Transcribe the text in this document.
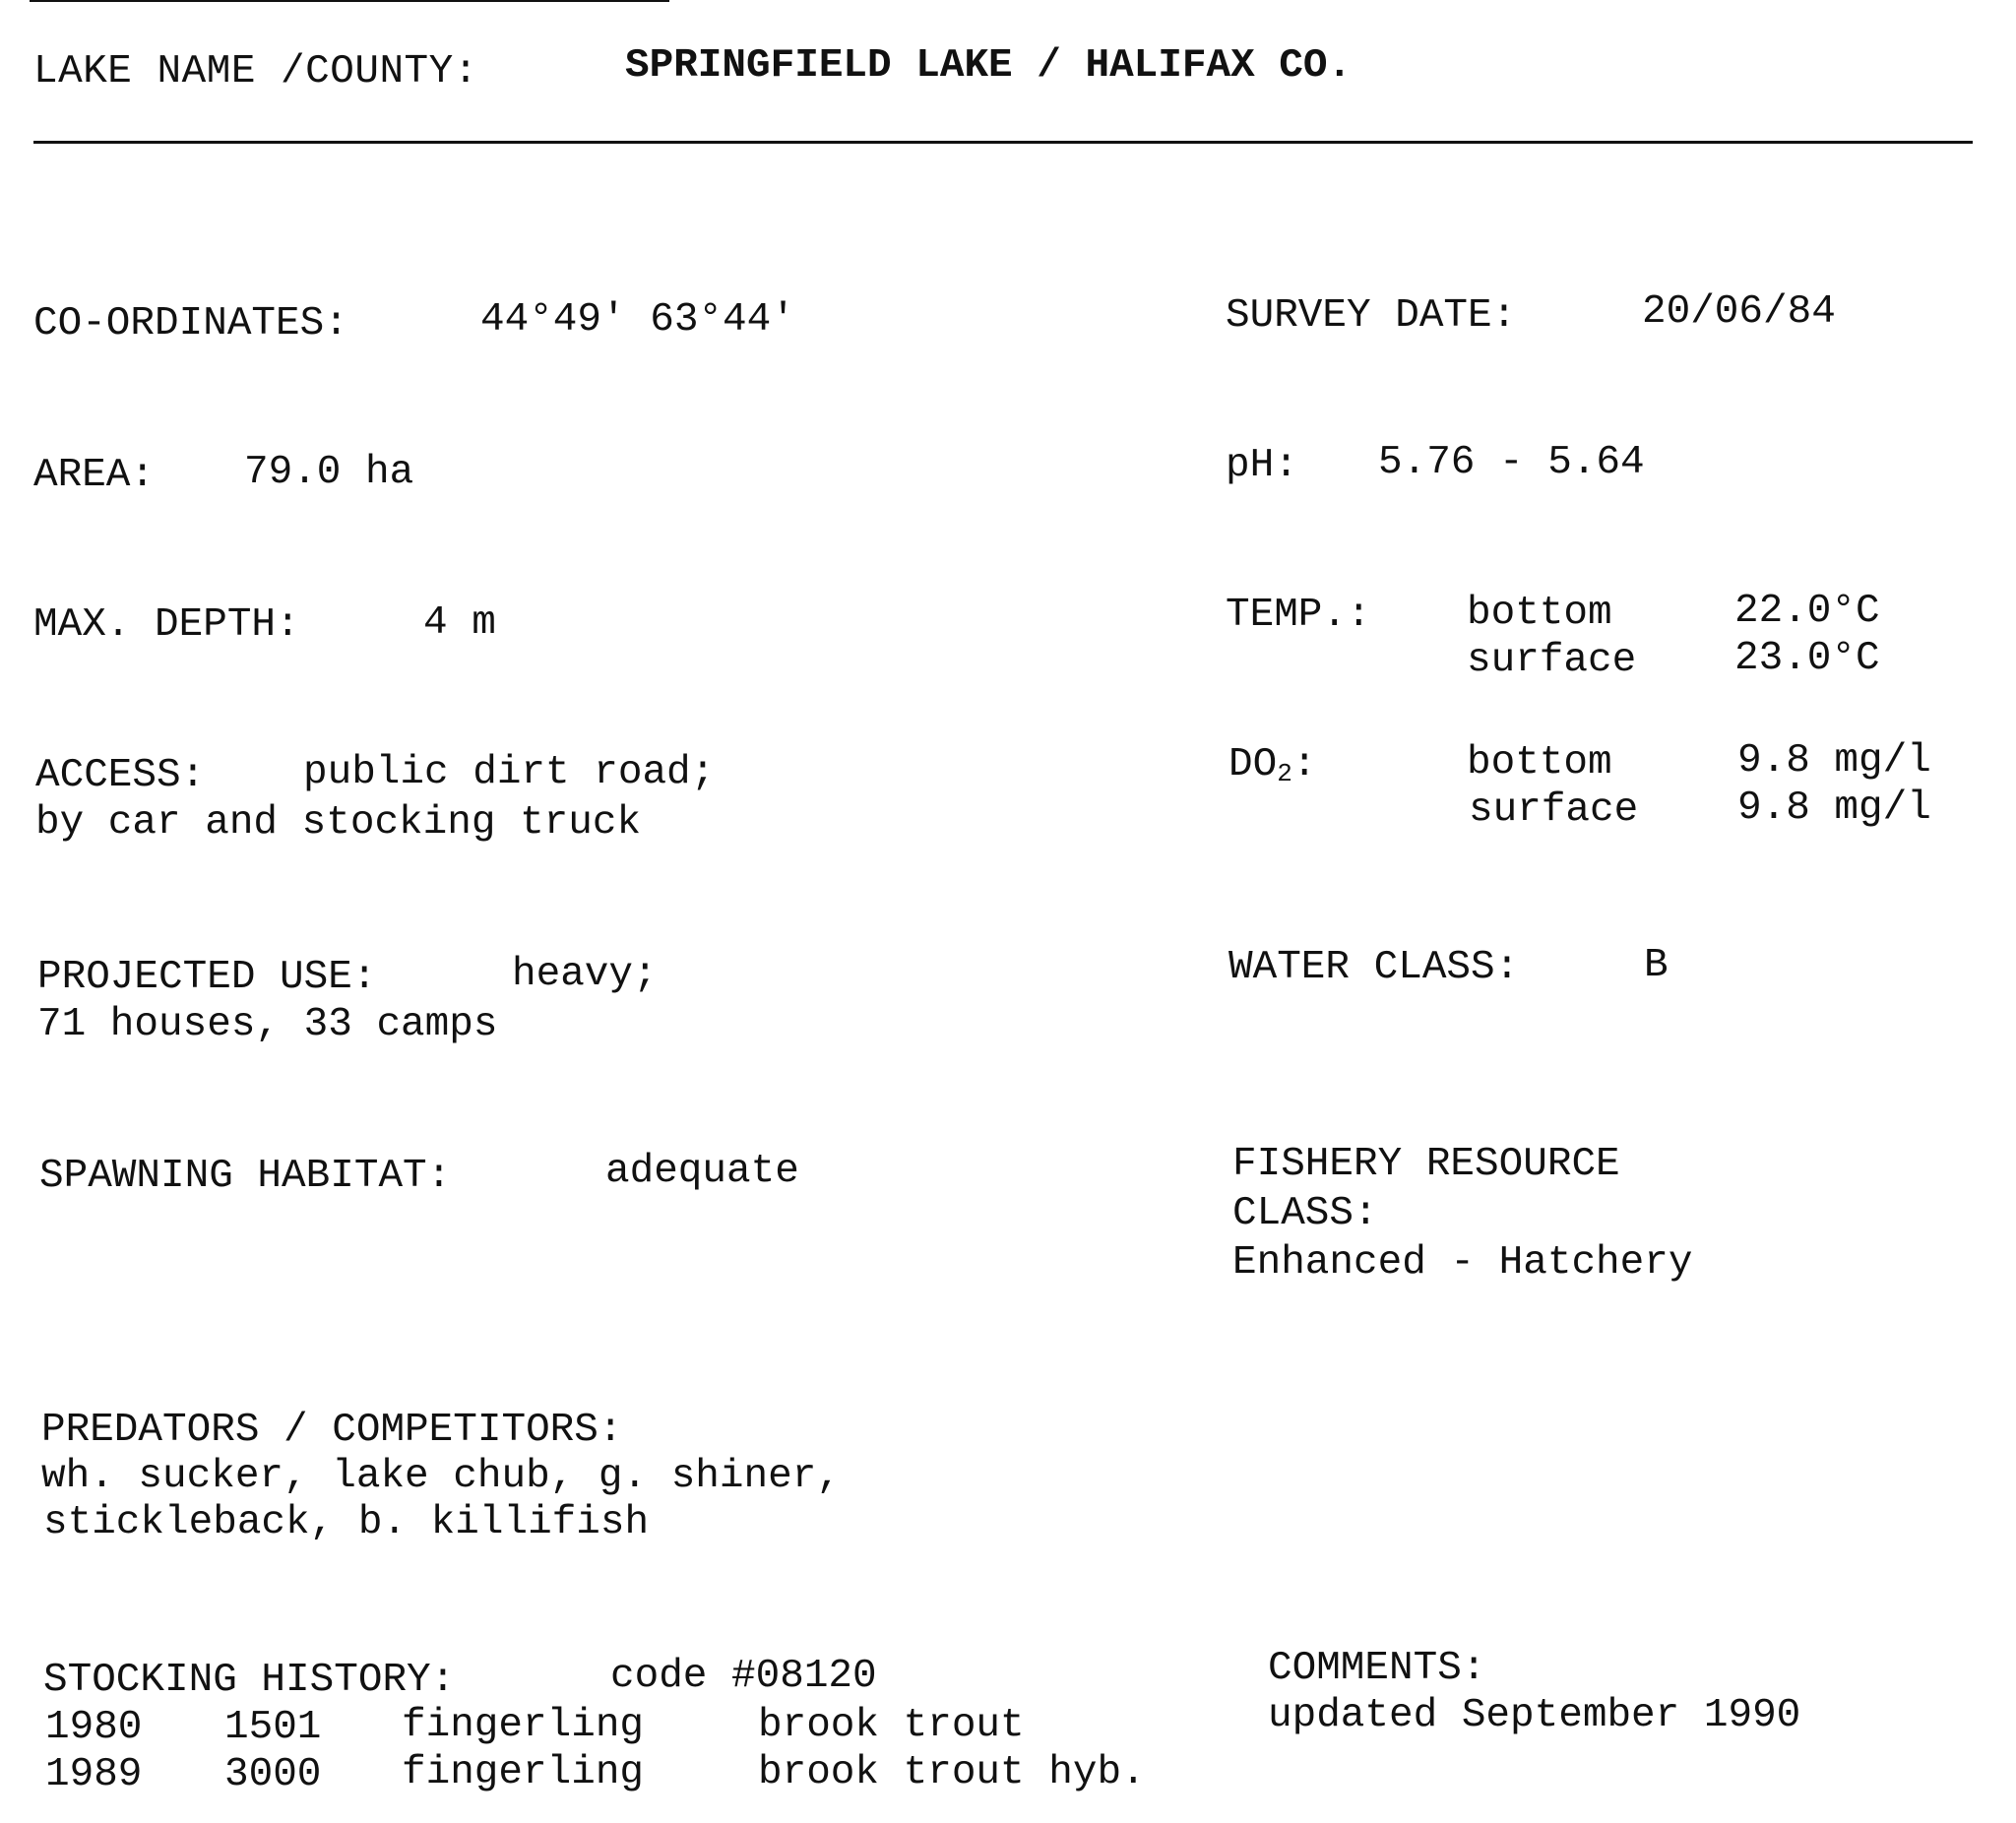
LAKE NAME /COUNTY:	SPRINGFIELD LAKE / HALIFAX CO.
CO-ORDINATES:	44°49' 63°44'
AREA: 79.0 ha
MAX. DEPTH:	4 m
ACCESS: public dirt road;
by car and stocking truck
PROJECTED USE:	heavy;
71 houses, 33 camps
SPAWNING HABITAT:	adequate
PREDATORS / COMPETITORS:
wh. sucker, lake chub, g. shiner,
stickleback, b. killifish
STOCKING HISTORY:	code #08120
1980 1501 fingerling	brook trout
1989 3000 fingerling	brook trout hyb.
SURVEY DATE:	20/06/84
pH: 5.76 - 5.64
TEMP.: bottom	22.0°C
surface 23.0°C
$DO_2$:	bottom	9.8 mg/l
surface 9.8 mg/l
WATER CLASS:	B
FISHERY RESOURCE
CLASS:
Enhanced - Hatchery
COMMENTS:
updated September 1990
